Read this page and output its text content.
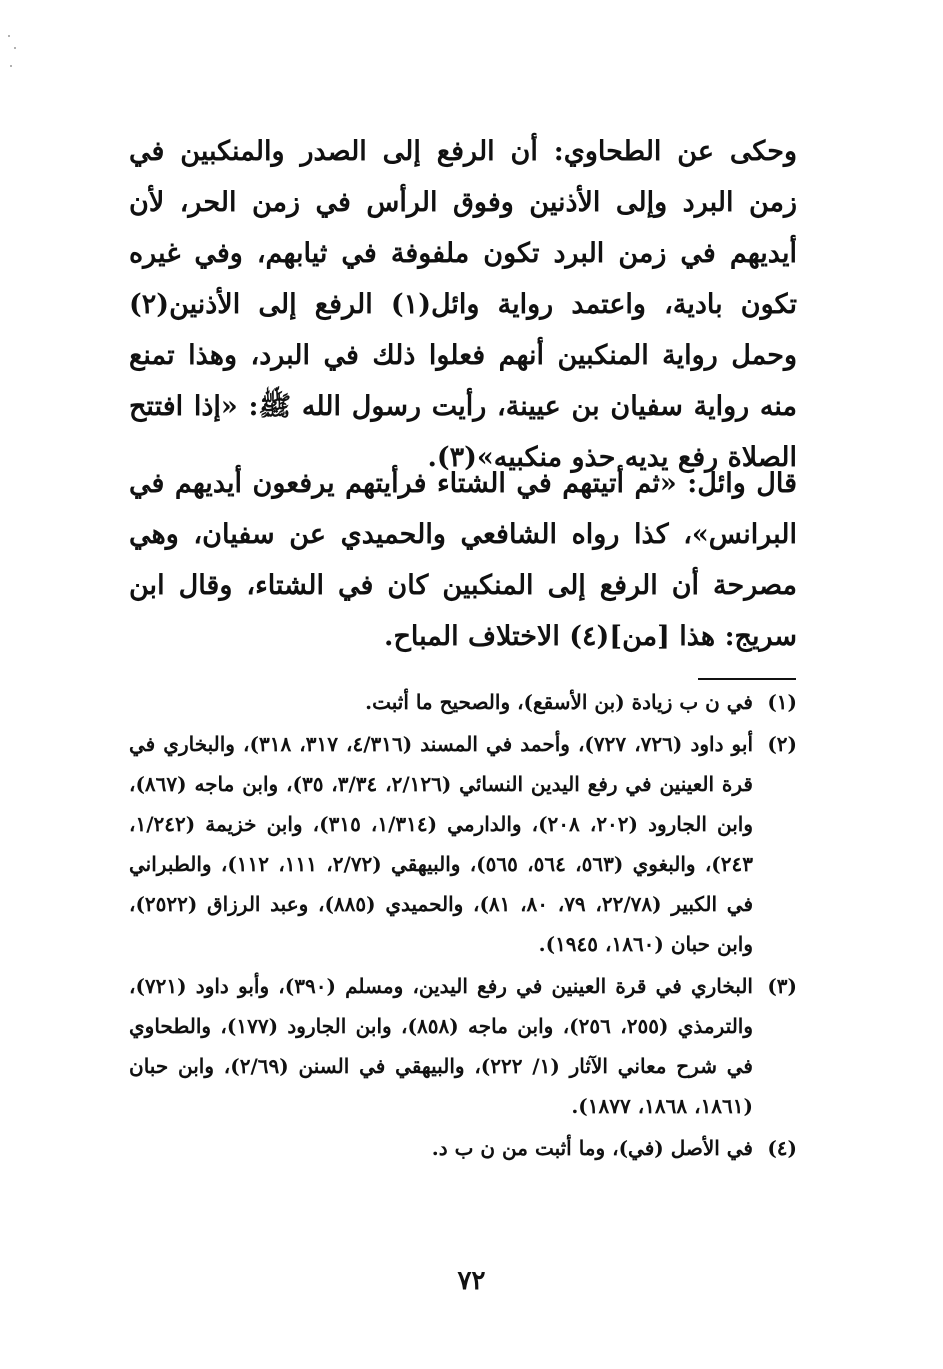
وحكى عن الطحاوي: أن الرفع إلى الصدر والمنكبين في زمن البرد وإلى الأذنين وفوق الرأس في زمن الحر، لأن أيديهم في زمن البرد تكون ملفوفة في ثيابهم، وفي غيره تكون بادية، واعتمد رواية وائل(١) الرفع إلى الأذنين(٢) وحمل رواية المنكبين أنهم فعلوا ذلك في البرد، وهذا تمنع منه رواية سفيان بن عيينة، رأيت رسول الله ﷺ: «إذا افتتح الصلاة رفع يديه حذو منكبيه»(٣).

قال وائل: «ثم أتيتهم في الشتاء فرأيتهم يرفعون أيديهم في البرانس»، كذا رواه الشافعي والحميدي عن سفيان، وهي مصرحة أن الرفع إلى المنكبين كان في الشتاء، وقال ابن سريج: هذا [من](٤) الاختلاف المباح.

(١)
في ن ب زيادة (بن الأسقع)، والصحيح ما أثبت.
(٢)
أبو داود (٧٢٦، ٧٢٧)، وأحمد في المسند (٤/٣١٦، ٣١٧، ٣١٨)، والبخاري في قرة العينين في رفع اليدين النسائي (٢/١٢٦، ٣/٣٤، ٣٥)، وابن ماجه (٨٦٧)، وابن الجارود (٢٠٢، ٢٠٨)، والدارمي (١/٣١٤، ٣١٥)، وابن خزيمة (١/٢٤٢، ٢٤٣)، والبغوي (٥٦٣، ٥٦٤، ٥٦٥)، والبيهقي (٢/٧٢، ١١١، ١١٢)، والطبراني في الكبير (٢٢/٧٨، ٧٩، ٨٠، ٨١)، والحميدي (٨٨٥)، وعبد الرزاق (٢٥٢٢)، وابن حبان (١٨٦٠، ١٩٤٥).
(٣)
البخاري في قرة العينين في رفع اليدين، ومسلم (٣٩٠)، وأبو داود (٧٢١)، والترمذي (٢٥٥، ٢٥٦)، وابن ماجه (٨٥٨)، وابن الجارود (١٧٧)، والطحاوي في شرح معاني الآثار (١/ ٢٢٢)، والبيهقي في السنن (٢/٦٩)، وابن حبان (١٨٦١، ١٨٦٨، ١٨٧٧).
(٤)
في الأصل (في)، وما أثبت من ن ب د.
٧٢
